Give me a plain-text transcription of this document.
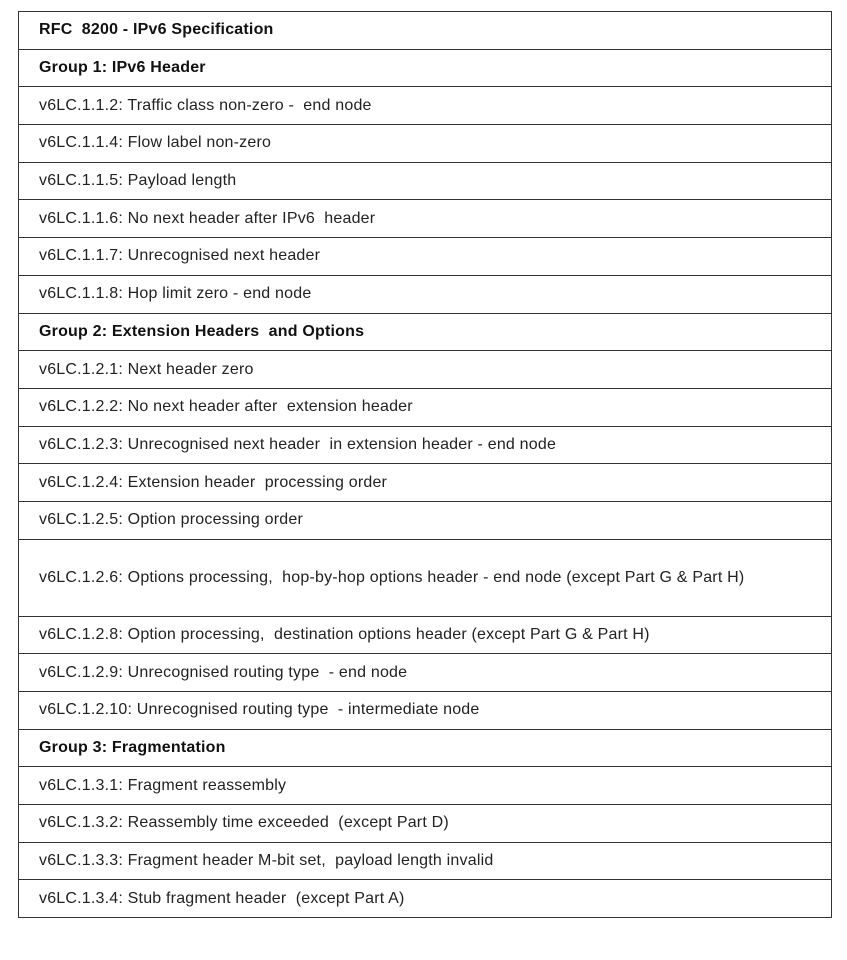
RFC  8200 - IPv6 Specification
Group 1: IPv6 Header
v6LC.1.1.2: Traffic class non-zero -  end node
v6LC.1.1.4: Flow label non-zero
v6LC.1.1.5: Payload length
v6LC.1.1.6: No next header after IPv6  header
v6LC.1.1.7: Unrecognised next header
v6LC.1.1.8: Hop limit zero - end node
Group 2: Extension Headers  and Options
v6LC.1.2.1: Next header zero
v6LC.1.2.2: No next header after  extension header
v6LC.1.2.3: Unrecognised next header  in extension header - end node
v6LC.1.2.4: Extension header  processing order
v6LC.1.2.5: Option processing order
v6LC.1.2.6: Options processing,  hop-by-hop options header - end node (except Part G & Part H)
v6LC.1.2.8: Option processing,  destination options header (except Part G & Part H)
v6LC.1.2.9: Unrecognised routing type  - end node
v6LC.1.2.10: Unrecognised routing type  - intermediate node
Group 3: Fragmentation
v6LC.1.3.1: Fragment reassembly
v6LC.1.3.2: Reassembly time exceeded  (except Part D)
v6LC.1.3.3: Fragment header M-bit set,  payload length invalid
v6LC.1.3.4: Stub fragment header  (except Part A)
